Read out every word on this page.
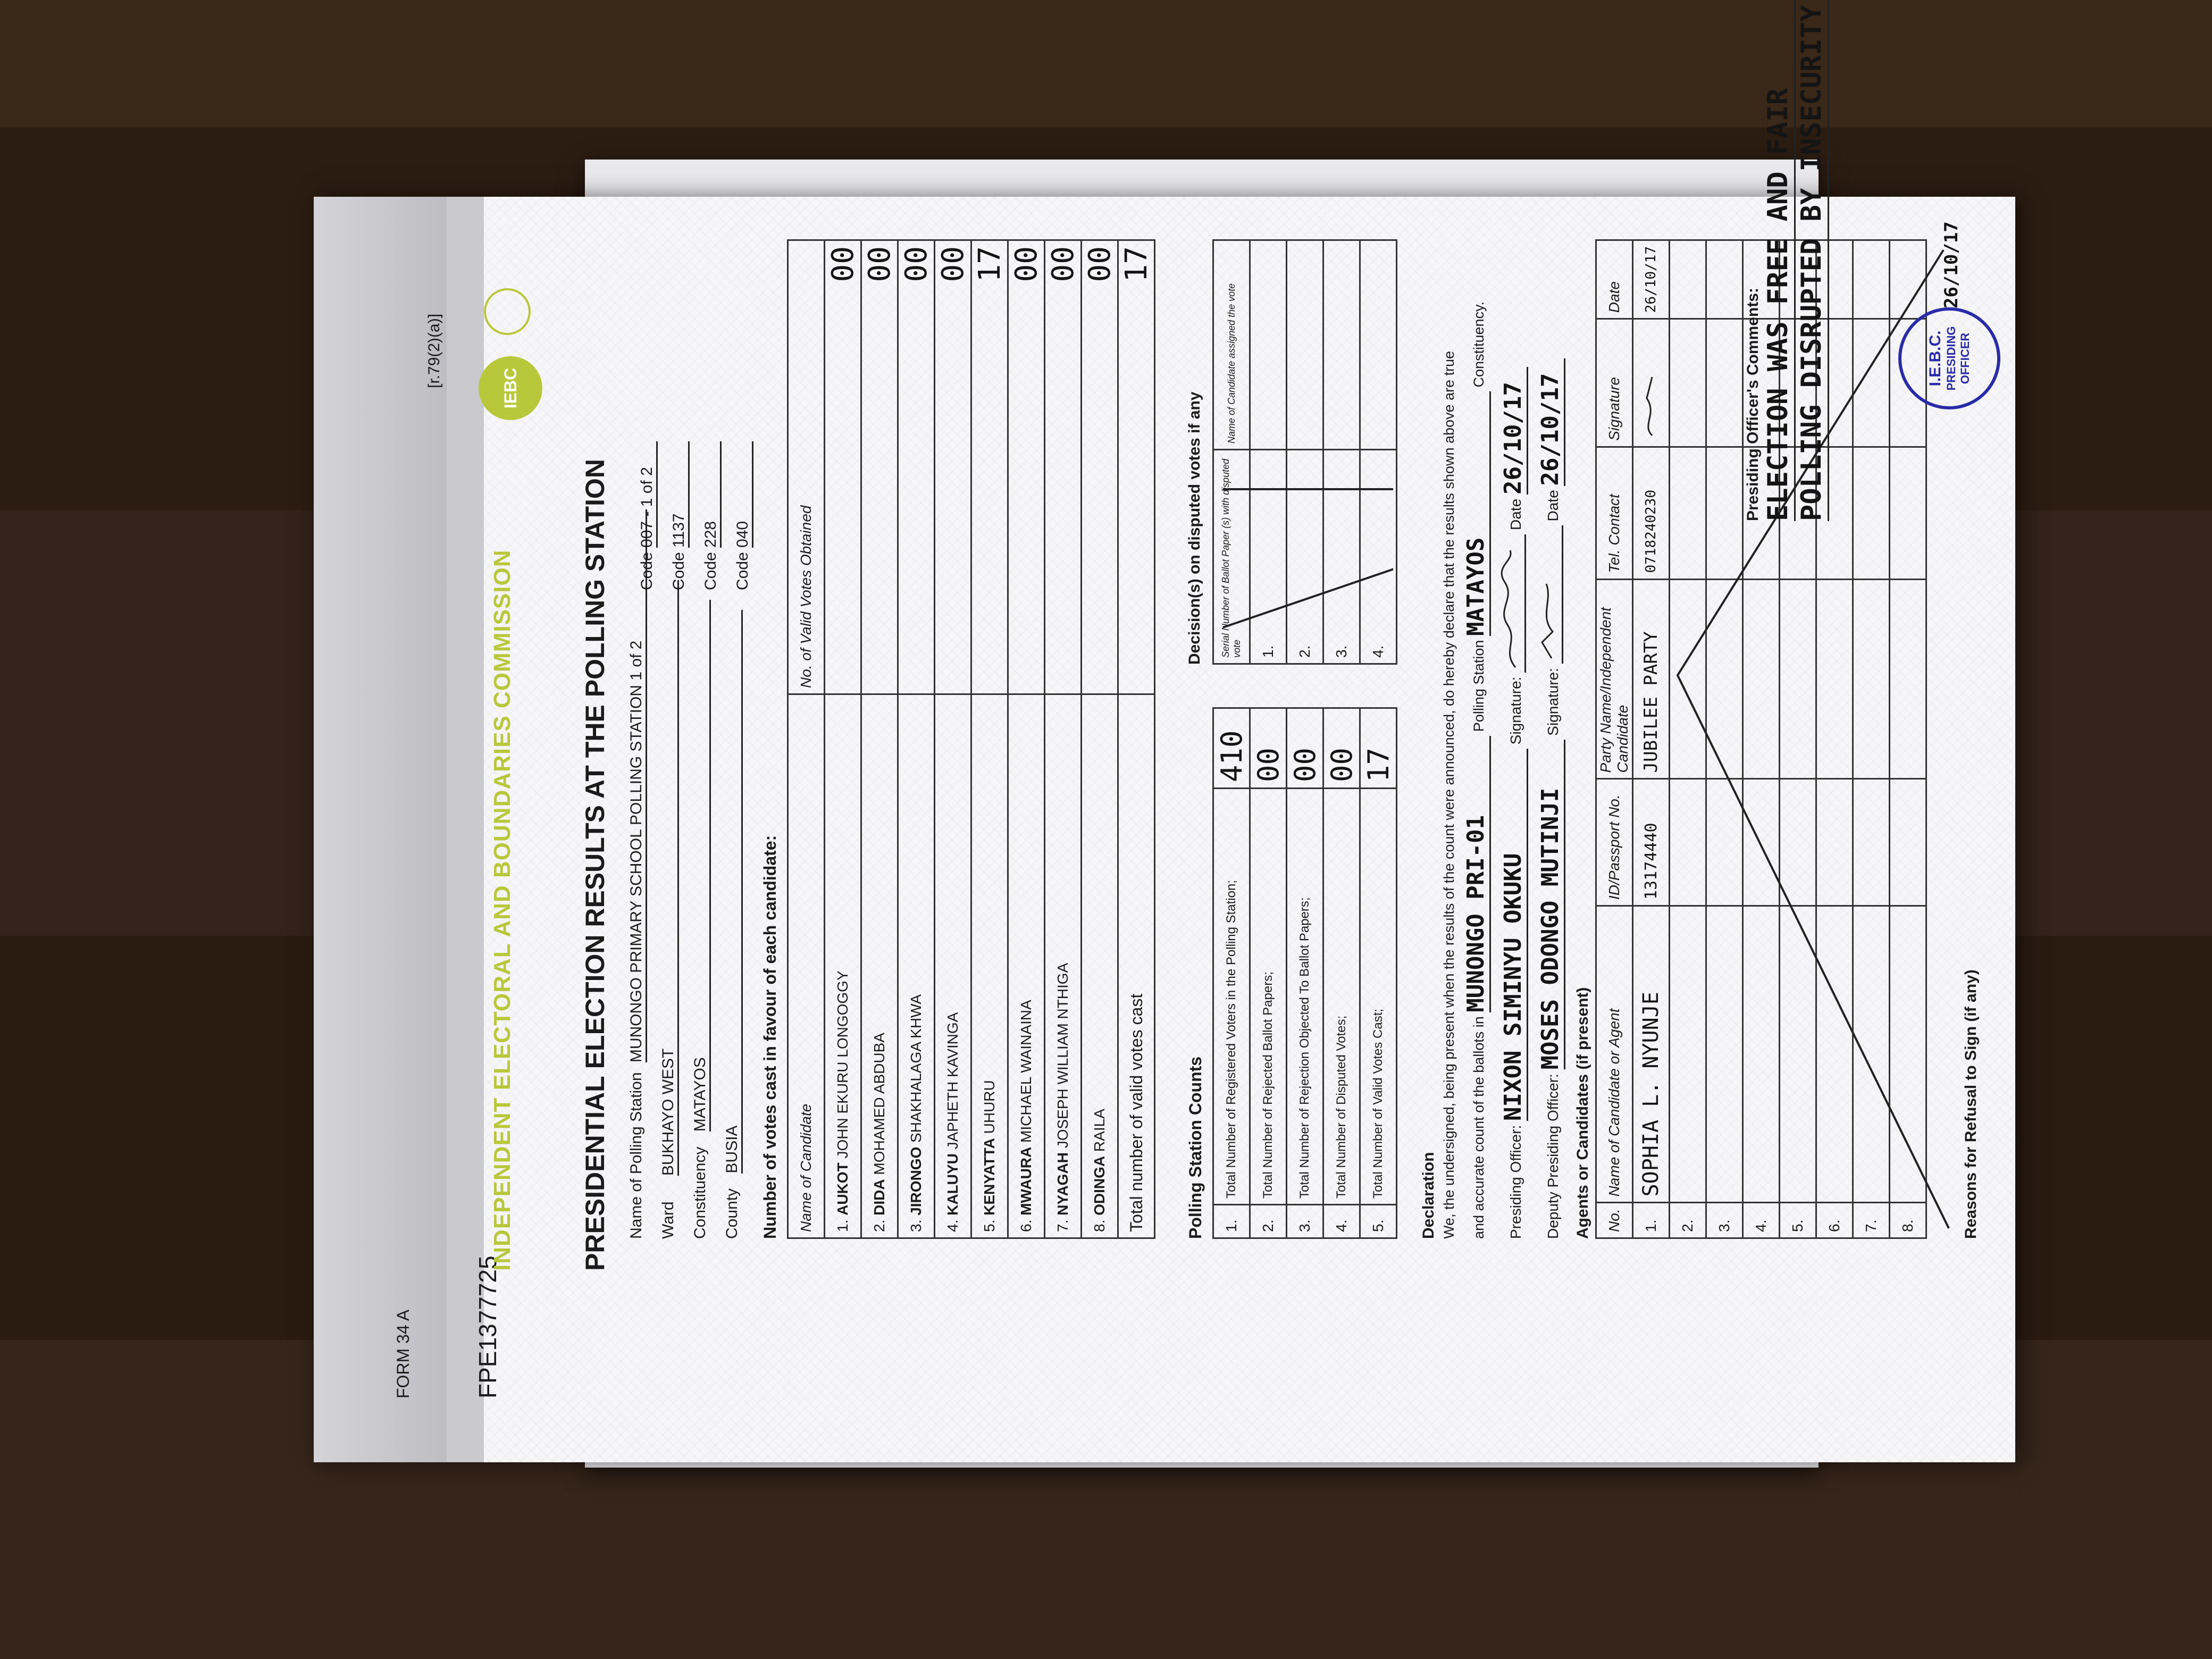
FORM 34 A	FPE1377725
INDEPENDENT ELECTORAL AND BOUNDARIES COMMISSION
IEBC
[r.79(2)(a)]
PRESIDENTIAL ELECTION RESULTS AT THE POLLING STATION Name of Polling Station MUNONGO PRIMARY SCHOOL POLLING STATION 1 of 2
Code 007 - 1 of 2
Ward BUKHAYO WEST
Code 1137
Constituency MATAYOS
Code 228
County BUSIA
Code 040
Number of votes cast in favour of each candidate: Name of Candidate	No. of Valid Votes Obtained
1. AUKOT JOHN EKURU LONGOGGY	00
2. DIDA MOHAMED ABDUBA	00
3. JIRONGO SHAKHALAGA KHWA	00
4. KALUYU JAPHETH KAVINGA	00
5. KENYATTA UHURU	17
6. MWAURA MICHAEL WAINAINA	00
7. NYAGAH JOSEPH WILLIAM NTHIGA	00
8. ODINGA RAILA	00
Total number of valid votes cast	17
Polling Station Counts 1.	Total Number of Registered Voters in the Polling Station;	410
2.	Total Number of Rejected Ballot Papers;	00
3.	Total Number of Rejection Objected To Ballot Papers;	00
4.	Total Number of Disputed Votes;	00
5.	Total Number of Valid Votes Cast;	17
Decision(s) on disputed votes if any Serial Number of Ballot Paper (s) with disputed vote	Name of Candidate assigned the vote
1.	
2.	
3.	
4.	
Declaration We, the undersigned, being present when the results of the count were announced, do hereby declare that the results shown above are true and accurate count of the ballots in MUNONGO PRI-01 Polling Station MATAYOS Constituency.
Presiding Officer: NIXON SIMINYU OKUKU Signature:  Date 26/10/17
Deputy Presiding Officer: MOSES ODONGO MUTINJI Signature:  Date 26/10/17
Agents or Candidates (if present) No.	Name of Candidate or Agent	ID/Passport No.	Party Name/Independent Candidate	Tel. Contact	Signature	Date
1.	SOPHIA L. NYUNJE	13174440	JUBILEE PARTY	0718240230		26/10/17
2.						
3.						
4.						
5.						
6.						
7.						
8.							Reasons for Refusal to Sign (if any)
I.E.B.C. PRESIDING OFFICER
26/10/17
Presiding Officer's Comments: ELECTION WAS FREE AND FAIR POLLING DISRUPTED BY INSECURITY
